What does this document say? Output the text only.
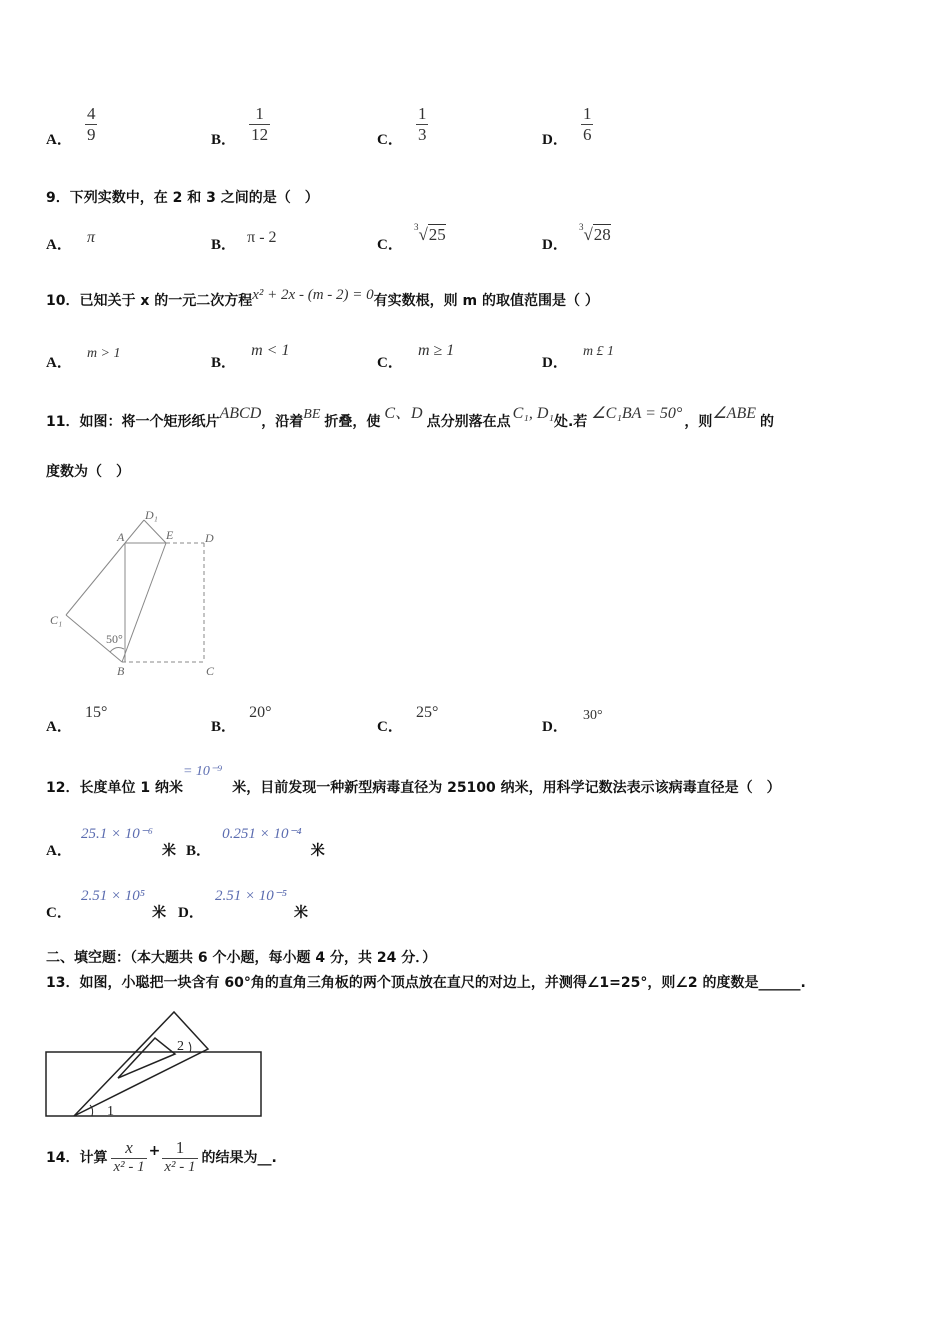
A． $\frac{4}{9}$	B． $\frac{1}{12}$	C． $\frac{1}{3}$	D． $\frac{1}{6}$
9．下列实数中，在 2 和 3 之间的是（　）
A． π	B． π - 2	C． $^3$√25
D． $^3$√28
10．已知关于 x 的一元二次方程x² + 2x - (m - 2) = 0有实数根，则 m 的取值范围是（ ）
A． m > 1
B． m < 1
C． m ≥ 1
D． m £ 1
11．如图：将一个矩形纸片ABCD，沿着BE 折叠，使 C、D 点分别落在点 C₁, D₁处.若 ∠C₁BA = 50° ，则∠ABE 的
度数为（　）
A
B	C
D
E
C₁
D₁
50°
A． 15°
B． 20°
C． 25°
D． 30°
12．长度单位 1 纳米= 10⁻⁹米，目前发现一种新型病毒直径为 25100 纳米，用科学记数法表示该病毒直径是（　）
A． 25.1 × 10⁻⁶ 米 B． 0.251 × 10⁻⁴ 米
C． 2.51 × 10⁵ 米 D． 2.51 × 10⁻⁵ 米
二、填空题：（本大题共 6 个小题，每小题 4 分，共 24 分．）
13．如图，小聪把一块含有 60°角的直角三角板的两个顶点放在直尺的对边上，并测得∠1=25°，则∠2 的度数是______.
1
2
14．计算 $\frac{x}{\text{x² - 1}} + \frac{1}{\text{x² - 1}}$ 的结果为__.
